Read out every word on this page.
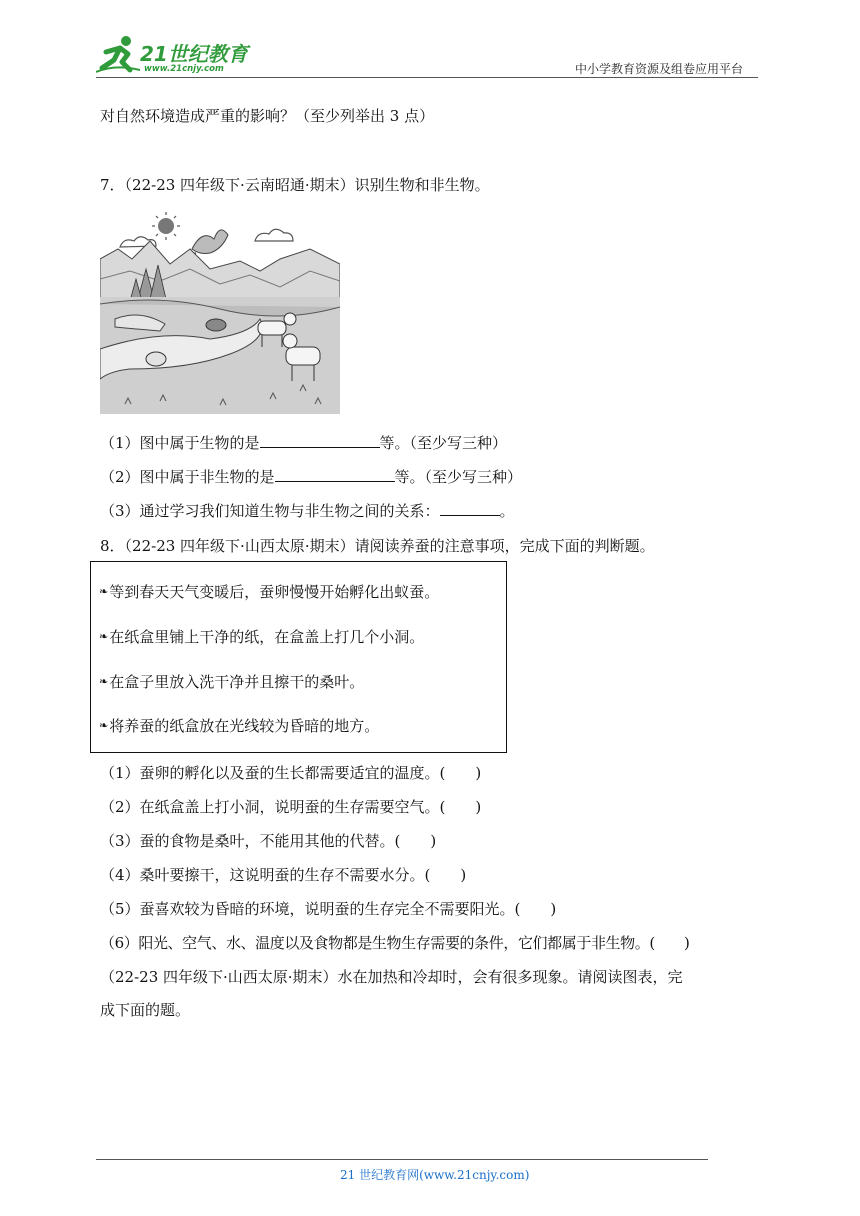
21世纪教育
www.21cnjy.com	中小学教育资源及组卷应用平台
对自然环境造成严重的影响？（至少列举出 3 点）
7．（22-23 四年级下·云南昭通·期末）识别生物和非生物。
（1）图中属于生物的是	等。（至少写三种）
（2）图中属于非生物的是	等。（至少写三种）
（3）通过学习我们知道生物与非生物之间的关系：	。
8．（22-23 四年级下·山西太原·期末）请阅读养蚕的注意事项，完成下面的判断题。
❧等到春天天气变暖后，蚕卵慢慢开始孵化出蚁蚕。
❧在纸盒里铺上干净的纸，在盒盖上打几个小洞。
❧在盒子里放入洗干净并且擦干的桑叶。
❧将养蚕的纸盒放在光线较为昏暗的地方。
（1）蚕卵的孵化以及蚕的生长都需要适宜的温度。(　　)
（2）在纸盒盖上打小洞，说明蚕的生存需要空气。(　　)
（3）蚕的食物是桑叶，不能用其他的代替。(　　)
（4）桑叶要擦干，这说明蚕的生存不需要水分。(　　)
（5）蚕喜欢较为昏暗的环境，说明蚕的生存完全不需要阳光。(　　)
（6）阳光、空气、水、温度以及食物都是生物生存需要的条件，它们都属于非生物。(　　)
（22-23 四年级下·山西太原·期末）水在加热和冷却时，会有很多现象。请阅读图表，完
成下面的题。
21 世纪教育网(www.21cnjy.com)
